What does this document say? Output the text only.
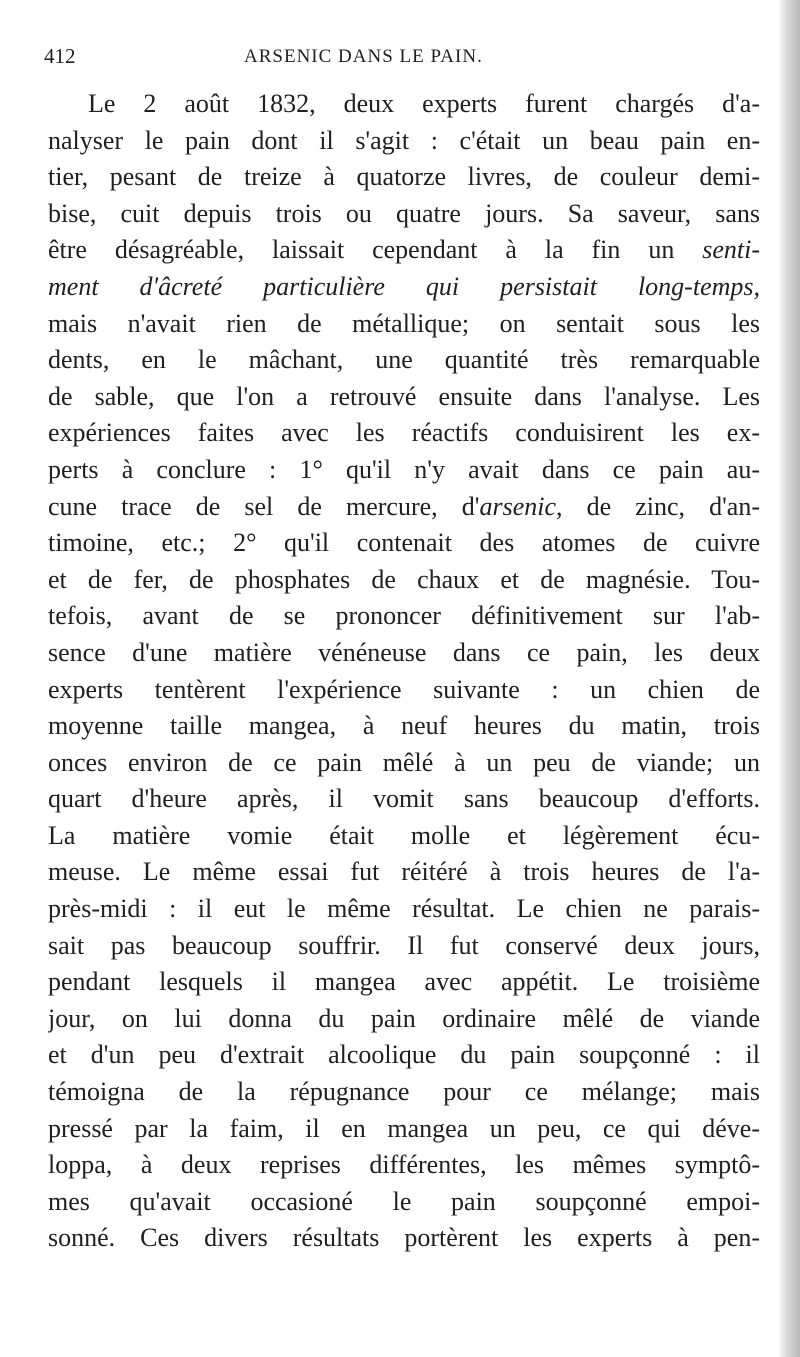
412	ARSENIC DANS LE PAIN.
Le 2 août 1832, deux experts furent chargés d'a-
nalyser le pain dont il s'agit : c'était un beau pain en-
tier, pesant de treize à quatorze livres, de couleur demi-
bise, cuit depuis trois ou quatre jours. Sa saveur, sans
être désagréable, laissait cependant à la fin un senti-
ment d'âcreté particulière qui persistait long-temps,
mais n'avait rien de métallique; on sentait sous les
dents, en le mâchant, une quantité très remarquable
de sable, que l'on a retrouvé ensuite dans l'analyse. Les
expériences faites avec les réactifs conduisirent les ex-
perts à conclure : 1° qu'il n'y avait dans ce pain au-
cune trace de sel de mercure, d'arsenic, de zinc, d'an-
timoine, etc.; 2° qu'il contenait des atomes de cuivre
et de fer, de phosphates de chaux et de magnésie. Tou-
tefois, avant de se prononcer définitivement sur l'ab-
sence d'une matière vénéneuse dans ce pain, les deux
experts tentèrent l'expérience suivante : un chien de
moyenne taille mangea, à neuf heures du matin, trois
onces environ de ce pain mêlé à un peu de viande; un
quart d'heure après, il vomit sans beaucoup d'efforts.
La matière vomie était molle et légèrement écu-
meuse. Le même essai fut réitéré à trois heures de l'a-
près-midi : il eut le même résultat. Le chien ne parais-
sait pas beaucoup souffrir. Il fut conservé deux jours,
pendant lesquels il mangea avec appétit. Le troisième
jour, on lui donna du pain ordinaire mêlé de viande
et d'un peu d'extrait alcoolique du pain soupçonné : il
témoigna de la répugnance pour ce mélange; mais
pressé par la faim, il en mangea un peu, ce qui déve-
loppa, à deux reprises différentes, les mêmes symptô-
mes qu'avait occasioné le pain soupçonné empoi-
sonné. Ces divers résultats portèrent les experts à pen-
